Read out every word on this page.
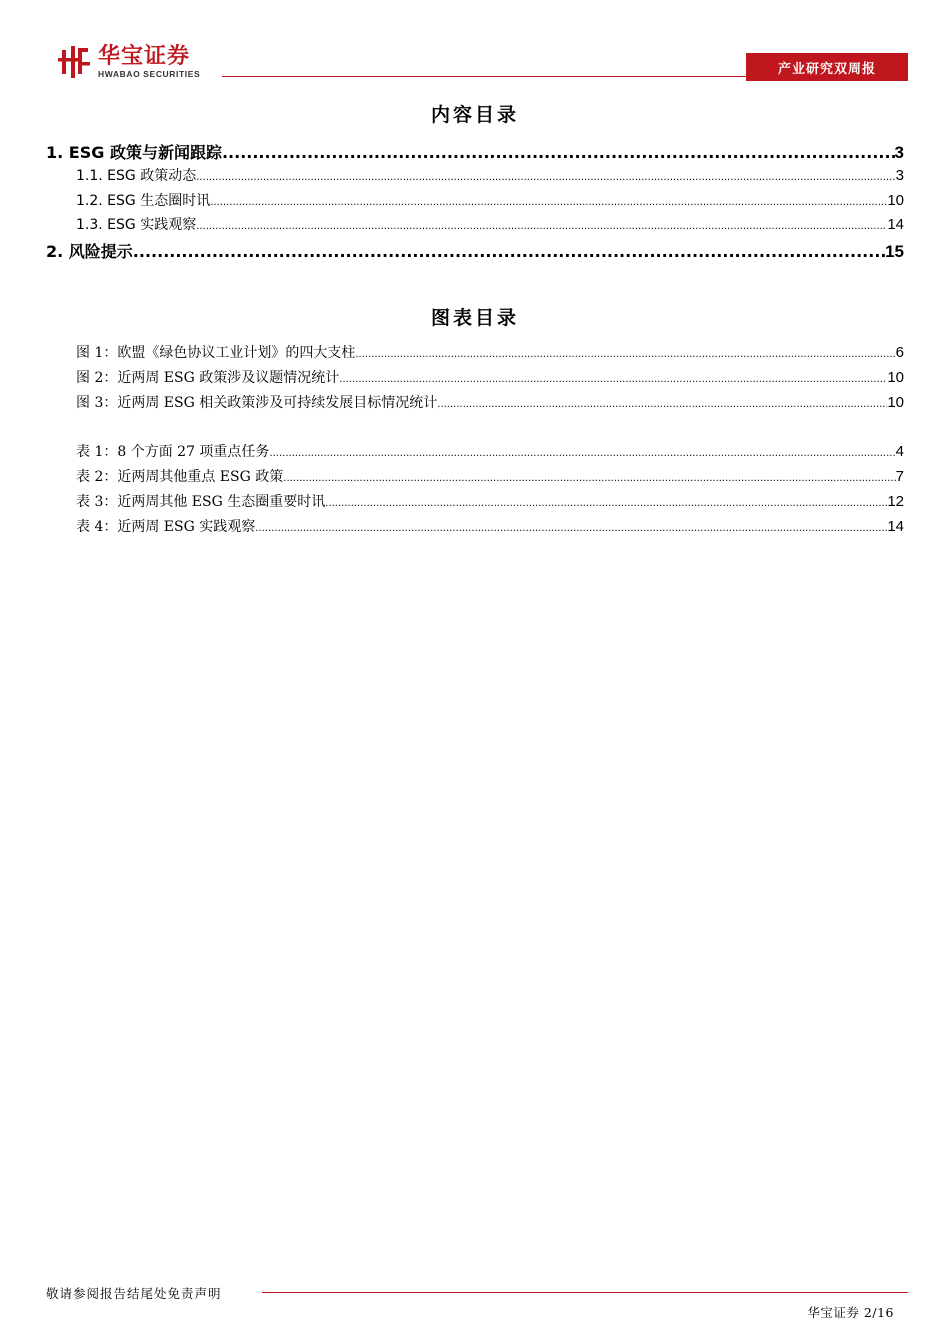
华宝证券
HWABAO SECURITIES	产业研究双周报
内容目录
1. ESG 政策与新闻跟踪 .....	3
1.1. ESG 政策动态 .....	3
1.2. ESG 生态圈时讯 .....	10
1.3. ESG 实践观察 .....	14
2. 风险提示 .....	15
图表目录
图 1：欧盟《绿色协议工业计划》的四大支柱 .....	6
图 2：近两周 ESG 政策涉及议题情况统计 .....	10
图 3：近两周 ESG 相关政策涉及可持续发展目标情况统计 .....	10
表 1：8 个方面 27 项重点任务 .....	4
表 2：近两周其他重点 ESG 政策 .....	7
表 3：近两周其他 ESG 生态圈重要时讯 .....	12
表 4：近两周 ESG 实践观察 .....	14
敬请参阅报告结尾处免责声明
华宝证券 2/16
